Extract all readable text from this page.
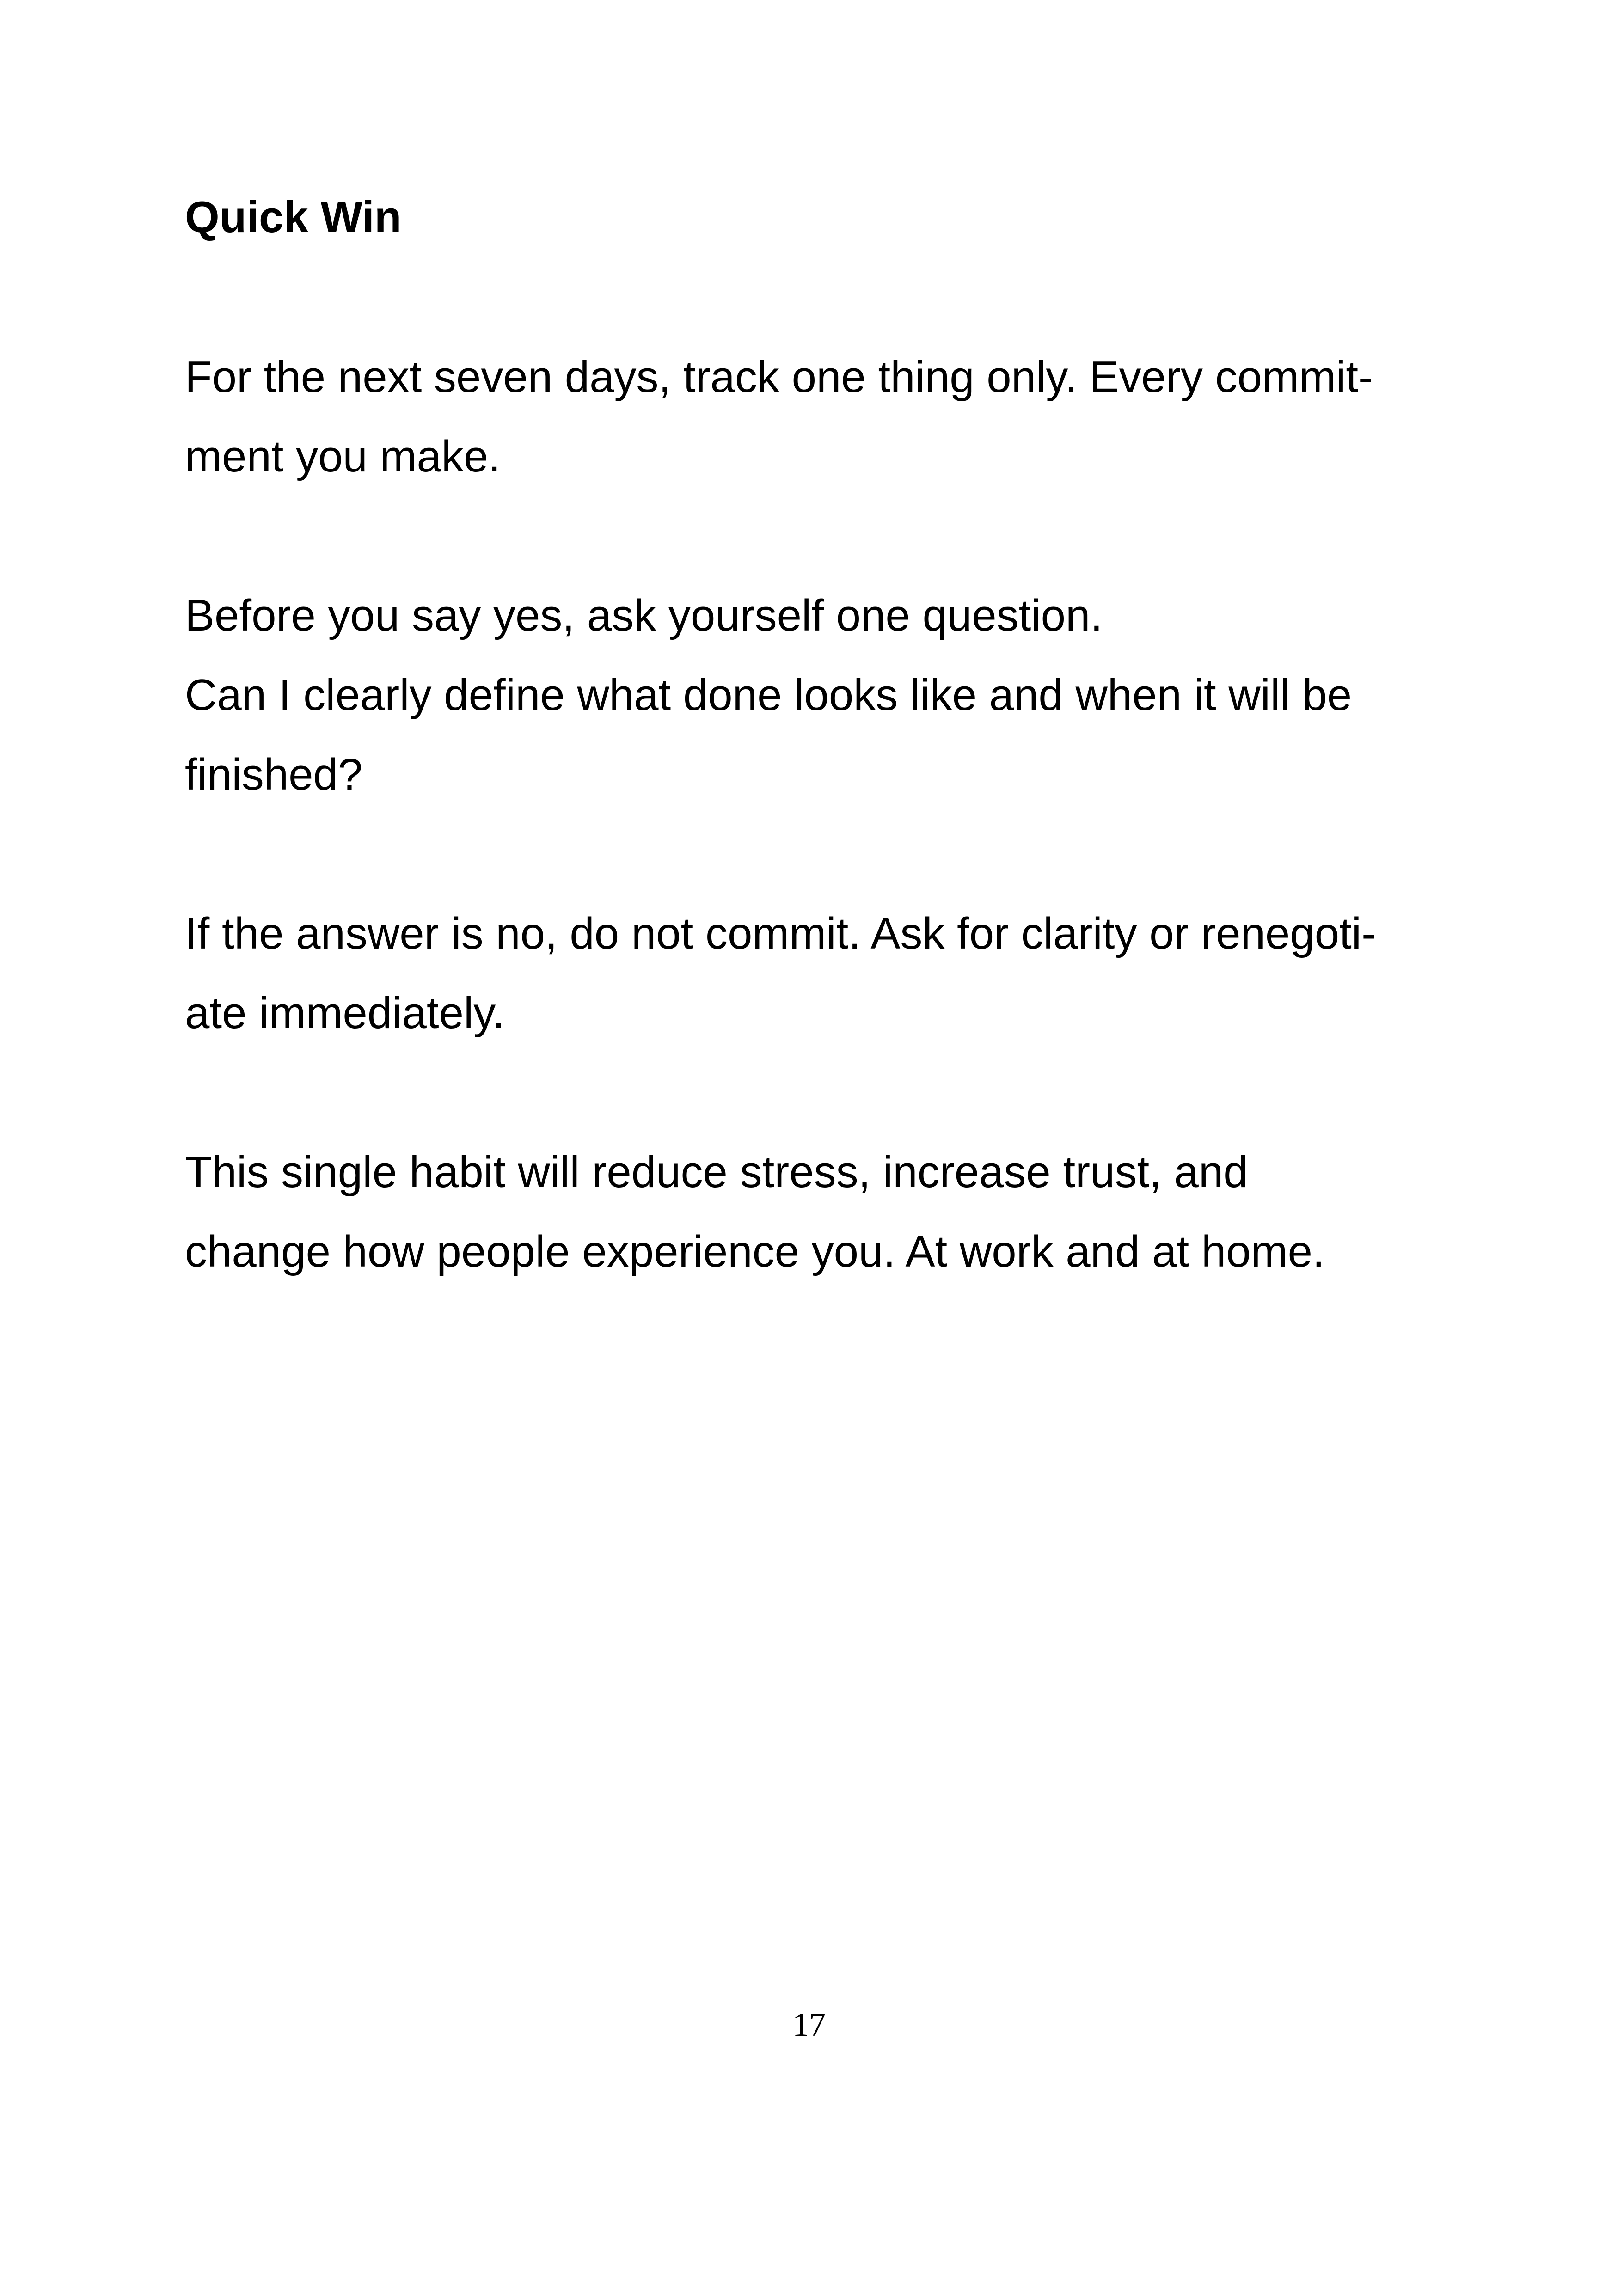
Quick Win
For the next seven days, track one thing only. Every commit-
ment you make.
Before you say yes, ask yourself one question.
Can I clearly define what done looks like and when it will be
finished?
If the answer is no, do not commit. Ask for clarity or renegoti-
ate immediately.
This single habit will reduce stress, increase trust, and
change how people experience you. At work and at home.
17
